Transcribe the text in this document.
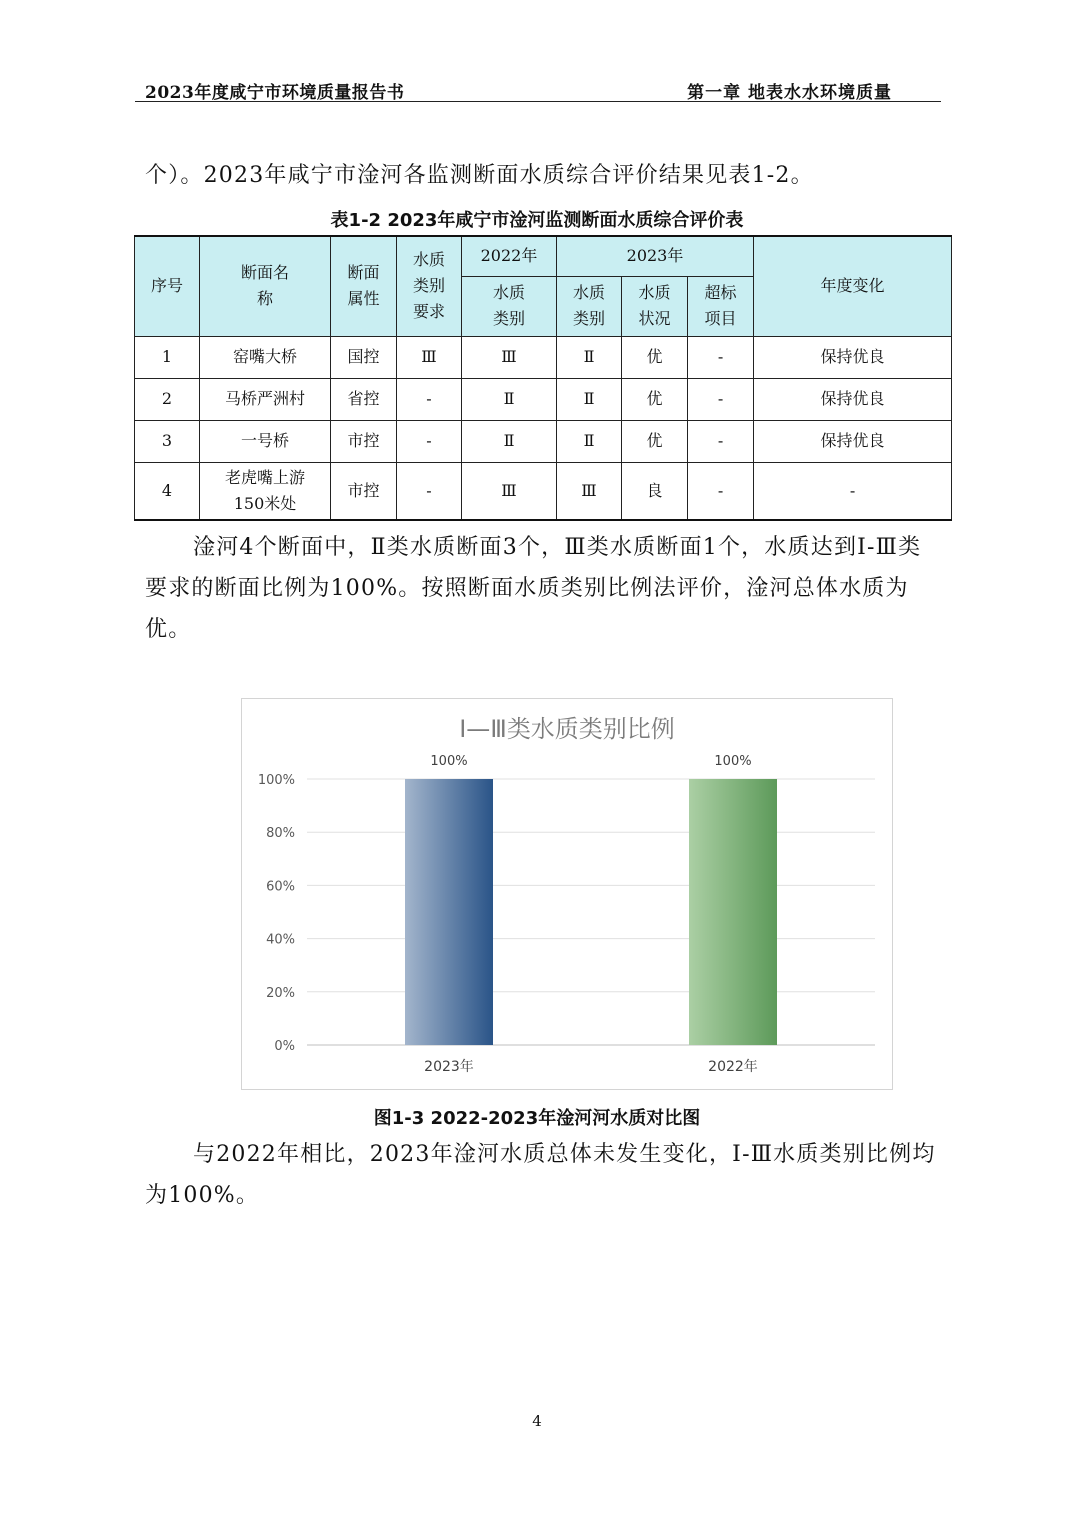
2023年度咸宁市环境质量报告书	第一章 地表水水环境质量

个）。2023年咸宁市淦河各监测断面水质综合评价结果见表1-2。

表1-2 2023年咸宁市淦河监测断面水质综合评价表
序号	断面名称	断面属性	水质类别要求	2022年	2023年			年度变化
				水质类别	水质类别	水质状况	超标项目	
1	窑嘴大桥	国控	Ⅲ	Ⅲ	Ⅱ	优	-	保持优良
2	马桥严洲村	省控	-	Ⅱ	Ⅱ	优	-	保持优良
3	一号桥	市控	-	Ⅱ	Ⅱ	优	-	保持优良
4	老虎嘴上游150米处	市控	-	Ⅲ	Ⅲ	良	-	-

淦河4个断面中，Ⅱ类水质断面3个，Ⅲ类水质断面1个，水质达到Ⅰ-Ⅲ类要求的断面比例为100%。按照断面水质类别比例法评价，淦河总体水质为优。

Ⅰ—Ⅲ类水质类别比例
0%
20%
40%
60%
80%
100%
100%
2023年
100%
2022年
图1-3 2022-2023年淦河河水质对比图

与2022年相比，2023年淦河水质总体未发生变化，Ⅰ-Ⅲ水质类别比例均为100%。

4
